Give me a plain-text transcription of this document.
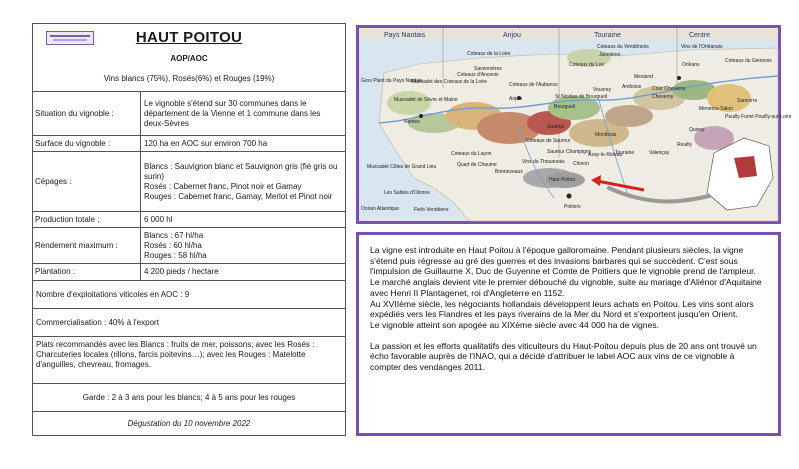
HAUT POITOU
AOP/AOC
Vins blancs (75%), Rosés(6%) et Rouges (19%)
Situation du vignoble :
Le vignoble s'étend sur 30 communes dans le département de la Vienne et 1 commune dans les deux-Sèvres
Surface du vignoble :	120 ha en AOC sur environ 700 ha
Cépages :
Blancs : Sauvignon blanc et Sauvignon gris (fié gris ou surin)
Rosés : Cabernet franc, Pinot noir et Gamay
Rouges : Cabernet franc, Gamay, Merlot et Pinot noir
Production totale :	6 000 hl
Rendement maximum :
Blancs : 67 hl/ha
Rosés : 60 hl/ha
Rouges : 58 hl/ha
Plantation :	4 200 pieds / hectare
Nombre d'exploitations viticoles en AOC : 9
Commercialisation : 40% à l'export
Plats recommandés avec les Blancs : fruits de mer, poissons; avec les Rosés : Charcuteries locales (rillons, farcis poitevins…); avec les Rouges : Matelotte d'anguilles, chevreau, fromages.
Garde : 2 à 3 ans pour les blancs; 4 à 5 ans pour les rouges
Dégustation du 10 novembre 2022
Pays Nantais	Anjou	Touraine	Centre
Coteaux du Vendômois
Jasnières
Coteaux du Loir
Anjou
Coteaux de la Loire
Savennières
Gros Plant du Pays Nantais
Muscadet de Sèvre et Maine
Muscadet des Coteaux de la Loire
Coteaux d'Ancenis
Coteaux de l'Aubance
St Nicolas de Bourgueil
Bourgueil
Vouvray
Montlouis
Amboise
Mesland
Cour Cheverny
Cheverny
Vins de l'Orléanais
Orléans
Coteaux du Giennois
Sancerre
Menetou-Salon
Pouilly Fumé Pouilly-sur-Loire
Quincy
Reuilly
Valençay
Touraine
Chinon
Azay-le-Rideau
Saumur Champigny
Saumur
Coteaux de Saumur
Vins du Thouarsais
Coteaux du Layon
Quart de Chaume
Bonnezeaux
Muscadet Côtes de Grand Lieu
Nantes
Haut Poitou
Poitiers
Les Sables d'Olonne
Fiefs Vendéens
Océan Atlantique

La vigne est introduite en Haut Poitou à l'époque galloromaine. Pendant plusieurs siècles, la vigne s'étend puis régresse au gré des guerres et des invasions barbares qui se succèdent. C'est sous l'impulsion de Guillaume X, Duc de Guyenne et Comte de Poitiers que le vignoble prend de l'ampleur. Le marché anglais devient vite le premier débouché du vignoble, suite au mariage d'Aliénor d'Aquitaine avec Henri II Plantagenet, roi d'Angleterre en 1152.

Au XVIIème siècle, les négociants hollandais développent leurs achats en Poitou. Les vins sont alors expédiés vers les Flandres et les pays riverains de la Mer du Nord et s'exportent jusqu'en Orient.

Le vignoble atteint son apogée au XIXème siècle avec 44 000 ha de vignes.

La passion et les efforts qualitatifs des viticulteurs du Haut-Poitou depuis plus de 20 ans ont trouvé un écho favorable auprès de l'INAO, qui a décidé d'attribuer le label AOC aux vins de ce vignoble à compter des vendanges 2011.
